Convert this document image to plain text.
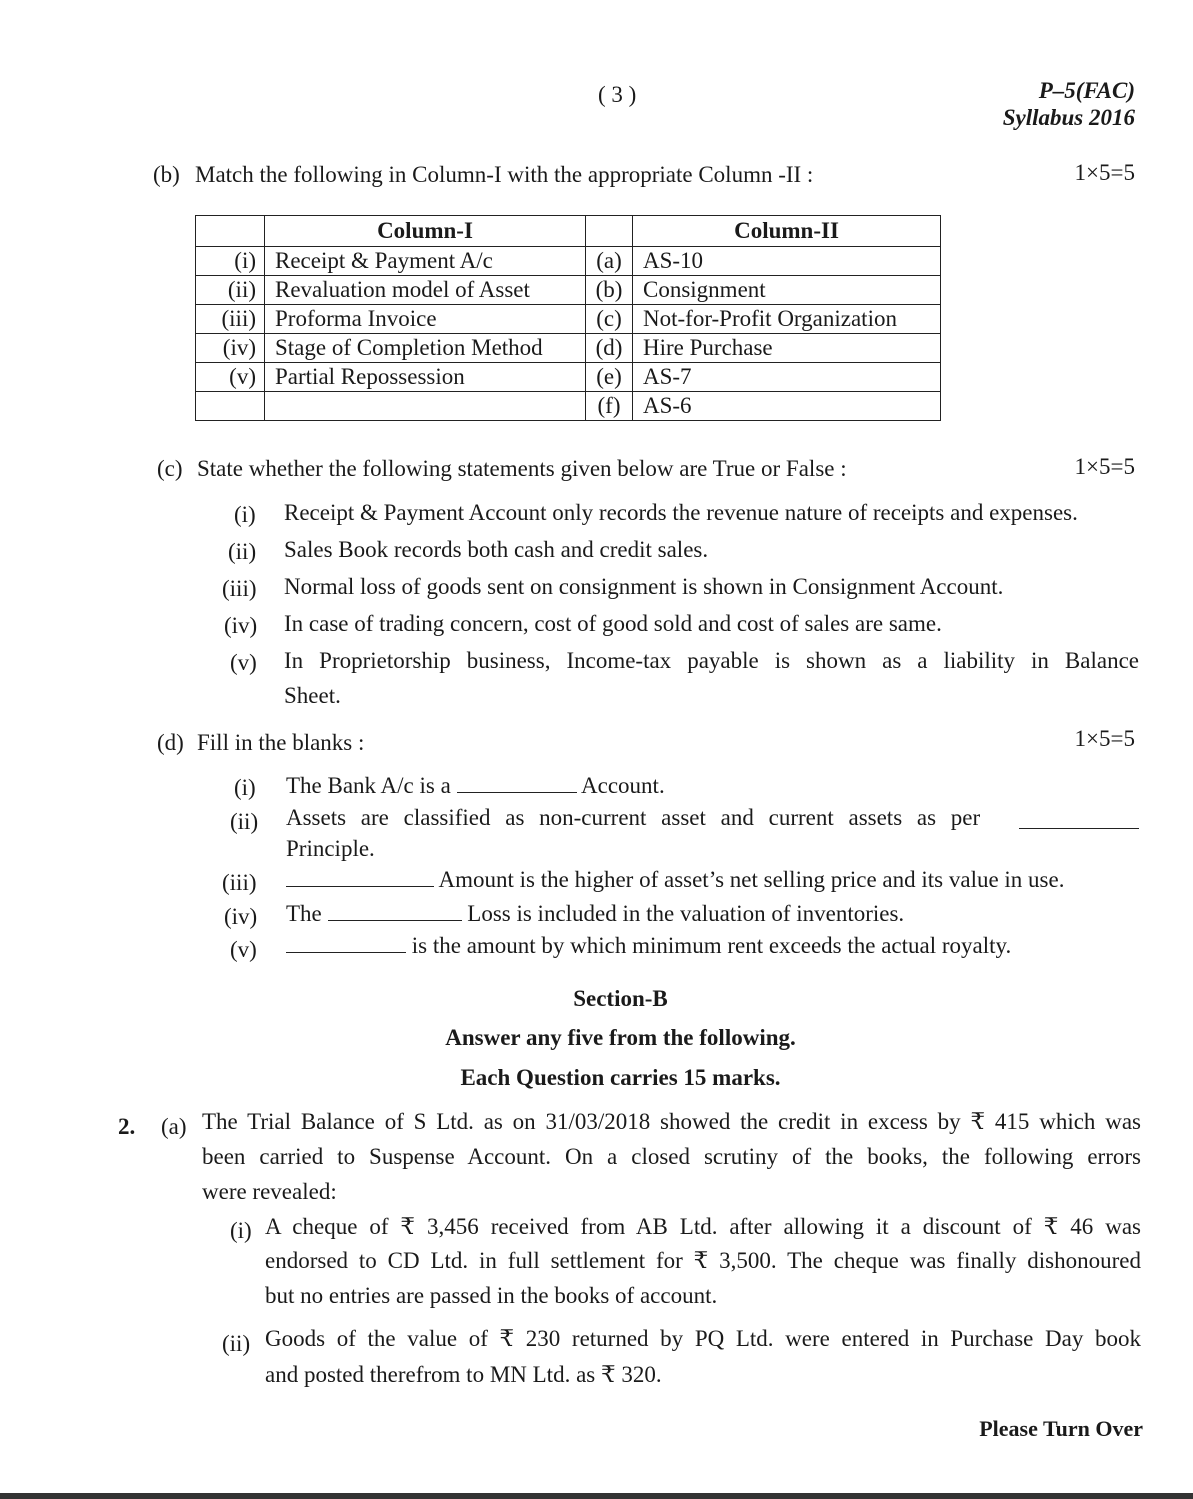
( 3 )	P–5(FAC)
Syllabus 2016
(b) Match the following in Column-I with the appropriate Column -II :	1×5=5
	Column-I		Column-II
(i)	Receipt & Payment A/c	(a)	AS-10
(ii)	Revaluation model of Asset	(b)	Consignment
(iii)	Proforma Invoice	(c)	Not-for-Profit Organization
(iv)	Stage of Completion Method	(d)	Hire Purchase
(v)	Partial Repossession	(e)	AS-7
		(f)	AS-6
(c) State whether the following statements given below are True or False :	1×5=5
(i) Receipt & Payment Account only records the revenue nature of receipts and expenses.
(ii) Sales Book records both cash and credit sales.
(iii) Normal loss of goods sent on consignment is shown in Consignment Account.
(iv) In case of trading concern, cost of good sold and cost of sales are same.
(v) In Proprietorship business, Income-tax payable is shown as a liability in Balance
Sheet.
(d) Fill in the blanks :	1×5=5
(i) The Bank A/c is a	Account.
(ii) Assets are classified as non-current asset and current assets as per
Principle.
(iii)	Amount is the higher of asset’s net selling price and its value in use.
(iv) The	Loss is included in the valuation of inventories.
(v)	is the amount by which minimum rent exceeds the actual royalty.
Section-B
Answer any five from the following.
Each Question carries 15 marks.
2. (a) The Trial Balance of S Ltd. as on 31/03/2018 showed the credit in excess by ₹ 415 which was
been carried to Suspense Account. On a closed scrutiny of the books, the following errors
were revealed:
(i) A cheque of ₹ 3,456 received from AB Ltd. after allowing it a discount of ₹ 46 was
endorsed to CD Ltd. in full settlement for ₹ 3,500. The cheque was finally dishonoured
but no entries are passed in the books of account.
(ii) Goods of the value of ₹ 230 returned by PQ Ltd. were entered in Purchase Day book
and posted therefrom to MN Ltd. as ₹ 320.
Please Turn Over
